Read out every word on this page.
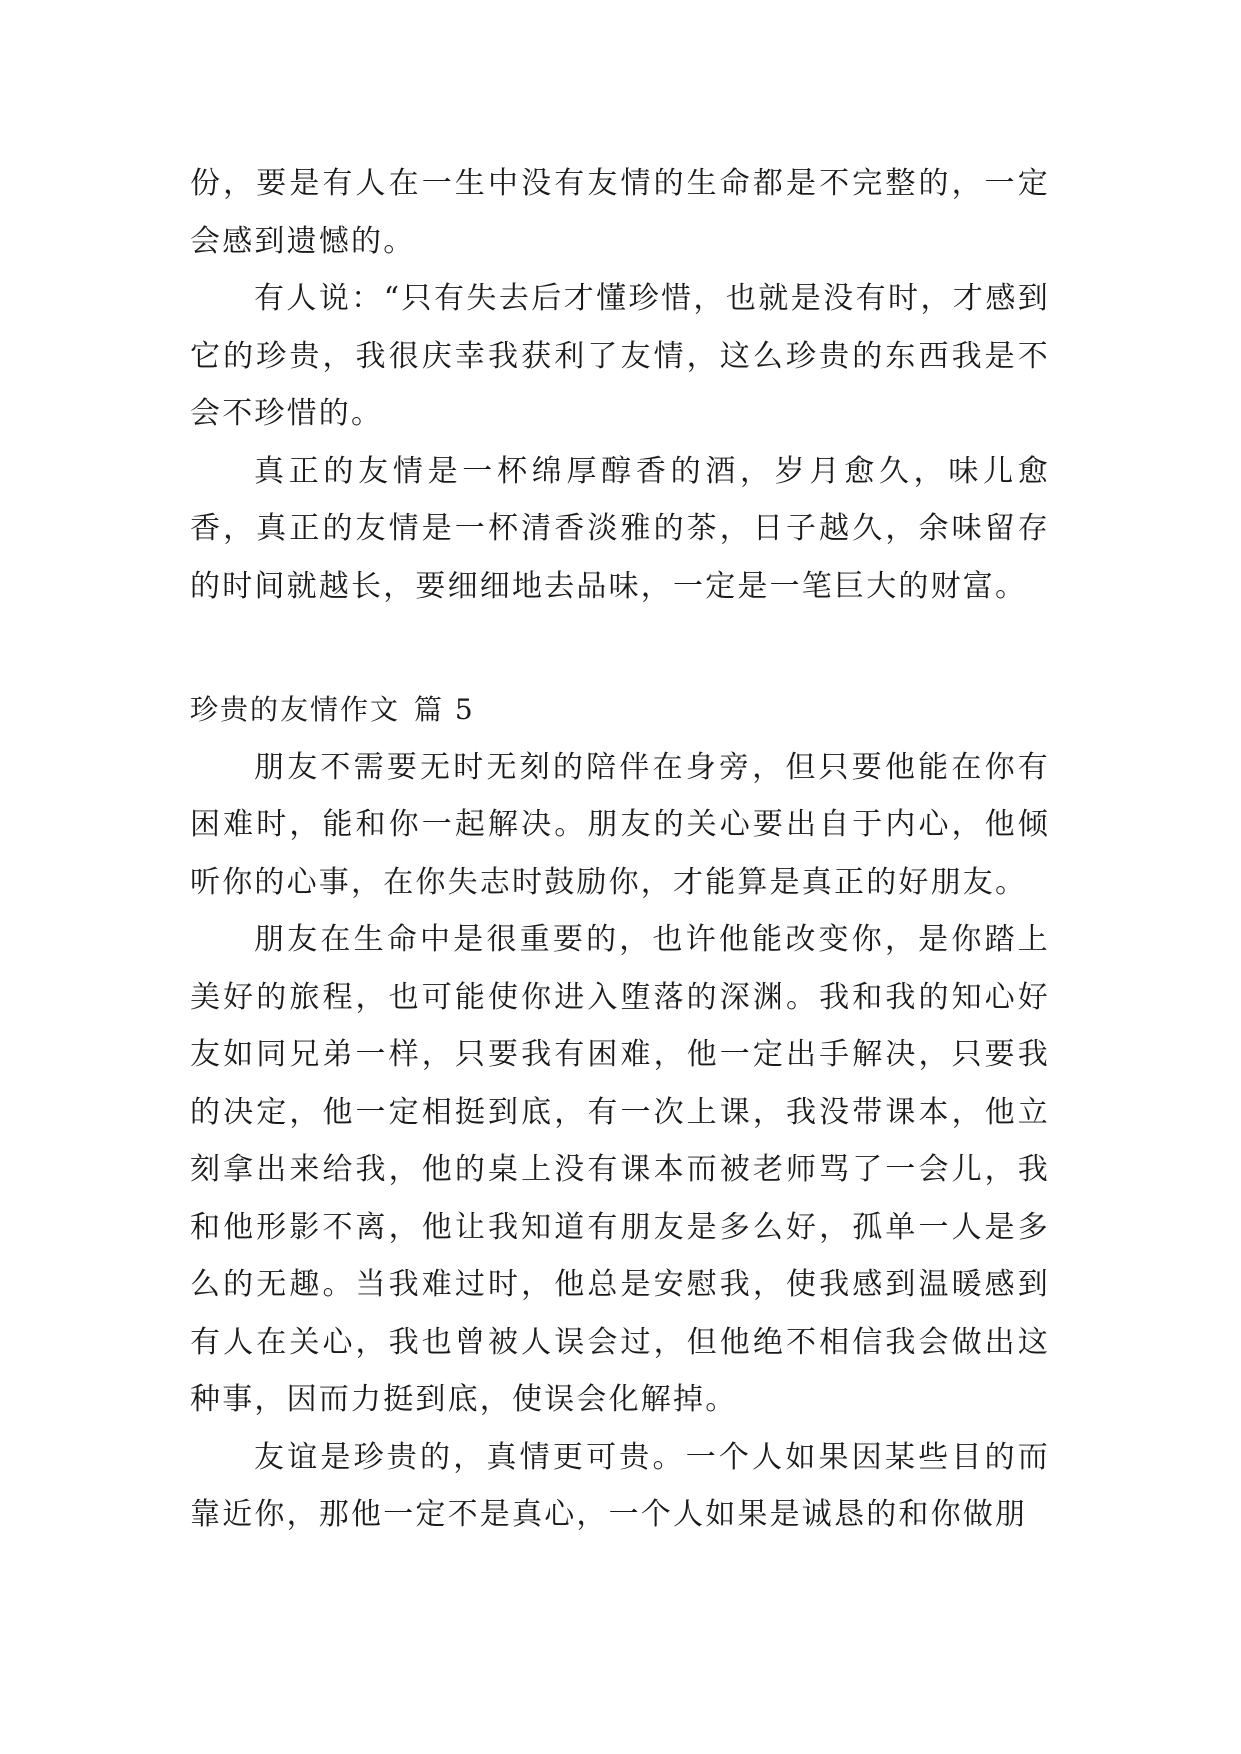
份，要是有人在一生中没有友情的生命都是不完整的，一定会感到遗憾的。

有人说：“只有失去后才懂珍惜，也就是没有时，才感到它的珍贵，我很庆幸我获利了友情，这么珍贵的东西我是不会不珍惜的。

真正的友情是一杯绵厚醇香的酒，岁月愈久，味儿愈香，真正的友情是一杯清香淡雅的茶，日子越久，余味留存的时间就越长，要细细地去品味，一定是一笔巨大的财富。

珍贵的友情作文 篇 5

朋友不需要无时无刻的陪伴在身旁，但只要他能在你有困难时，能和你一起解决。朋友的关心要出自于内心，他倾听你的心事，在你失志时鼓励你，才能算是真正的好朋友。

朋友在生命中是很重要的，也许他能改变你，是你踏上美好的旅程，也可能使你进入堕落的深渊。我和我的知心好友如同兄弟一样，只要我有困难，他一定出手解决，只要我的决定，他一定相挺到底，有一次上课，我没带课本，他立刻拿出来给我，他的桌上没有课本而被老师骂了一会儿，我和他形影不离，他让我知道有朋友是多么好，孤单一人是多么的无趣。当我难过时，他总是安慰我，使我感到温暖感到有人在关心，我也曾被人误会过，但他绝不相信我会做出这种事，因而力挺到底，使误会化解掉。

友谊是珍贵的，真情更可贵。一个人如果因某些目的而靠近你，那他一定不是真心，一个人如果是诚恳的和你做朋
